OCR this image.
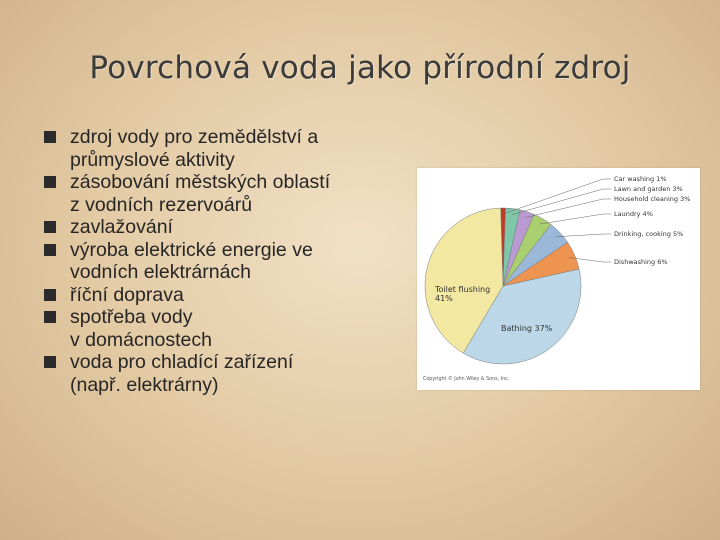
Povrchová voda jako přírodní zdroj
zdroj vody pro zemědělství a
průmyslové aktivity
zásobování městských oblastí
z vodních rezervoárů
zavlažování
výroba elektrické energie ve
vodních elektrárnách
říční doprava
spotřeba vody
v domácnostech
voda pro chladící zařízení
(např. elektrárny)
Car washing 1%
Lawn and garden 3%
Household cleaning 3%
Laundry 4%
Drinking, cooking 5%
Dishwashing 6%
Toilet flushing
41%
Bathing 37%
Copyright © John Wiley & Sons, Inc.
